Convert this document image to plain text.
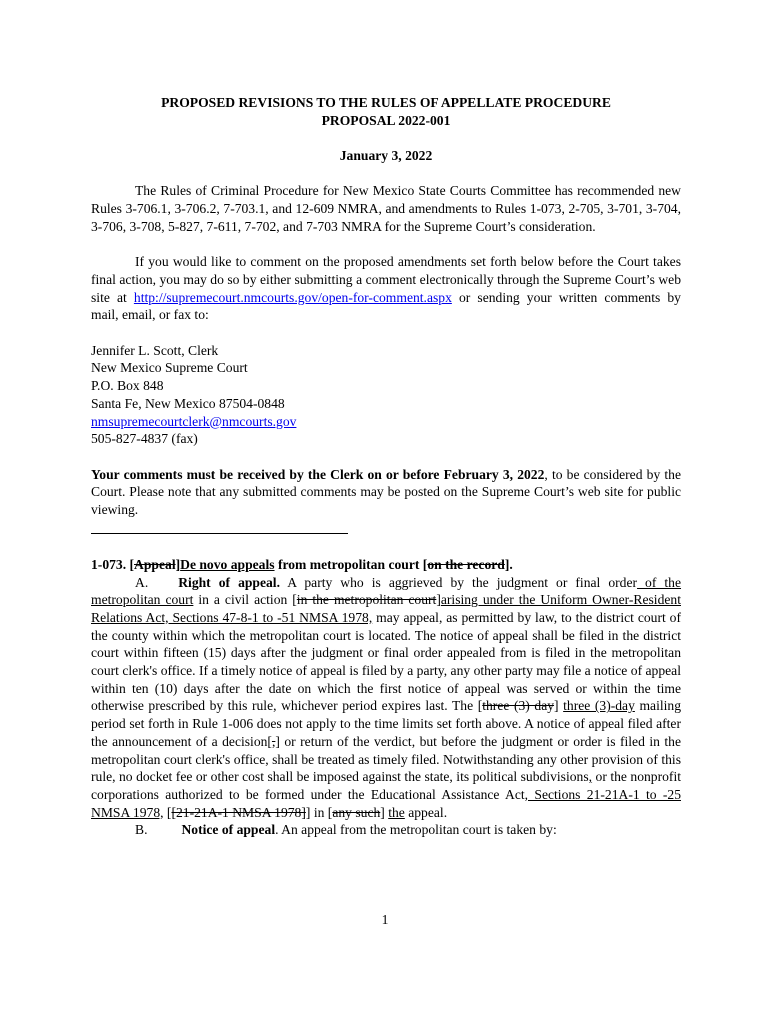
PROPOSED REVISIONS TO THE RULES OF APPELLATE PROCEDURE
PROPOSAL 2022-001
January 3, 2022

The Rules of Criminal Procedure for New Mexico State Courts Committee has recommended new Rules 3-706.1, 3-706.2, 7-703.1, and 12-609 NMRA, and amendments to Rules 1-073, 2-705, 3-701, 3-704, 3-706, 3-708, 5-827, 7-611, 7-702, and 7-703 NMRA for the Supreme Court’s consideration.

If you would like to comment on the proposed amendments set forth below before the Court takes final action, you may do so by either submitting a comment electronically through the Supreme Court’s web site at http://supremecourt.nmcourts.gov/open-for-comment.aspx or sending your written comments by mail, email, or fax to:

Jennifer L. Scott, Clerk
New Mexico Supreme Court
P.O. Box 848
Santa Fe, New Mexico 87504-0848
nmsupremecourtclerk@nmcourts.gov
505-827-4837 (fax)

Your comments must be received by the Clerk on or before February 3, 2022, to be considered by the Court. Please note that any submitted comments may be posted on the Supreme Court’s web site for public viewing.

1-073. [Appeal]De novo appeals from metropolitan court [on the record].

A. Right of appeal. A party who is aggrieved by the judgment or final order of the metropolitan court in a civil action [in the metropolitan court]arising under the Uniform Owner-Resident Relations Act, Sections 47-8-1 to -51 NMSA 1978, may appeal, as permitted by law, to the district court of the county within which the metropolitan court is located. The notice of appeal shall be filed in the district court within fifteen (15) days after the judgment or final order appealed from is filed in the metropolitan court clerk's office. If a timely notice of appeal is filed by a party, any other party may file a notice of appeal within ten (10) days after the date on which the first notice of appeal was served or within the time otherwise prescribed by this rule, whichever period expires last. The [three (3) day] three (3)-day mailing period set forth in Rule 1-006 does not apply to the time limits set forth above. A notice of appeal filed after the announcement of a decision[,] or return of the verdict, but before the judgment or order is filed in the metropolitan court clerk's office, shall be treated as timely filed. Notwithstanding any other provision of this rule, no docket fee or other cost shall be imposed against the state, its political subdivisions, or the nonprofit corporations authorized to be formed under the Educational Assistance Act, Sections 21-21A-1 to -25 NMSA 1978, [[21-21A-1 NMSA 1978]] in [any such] the appeal.

B.	Notice of appeal. An appeal from the metropolitan court is taken by:

1
